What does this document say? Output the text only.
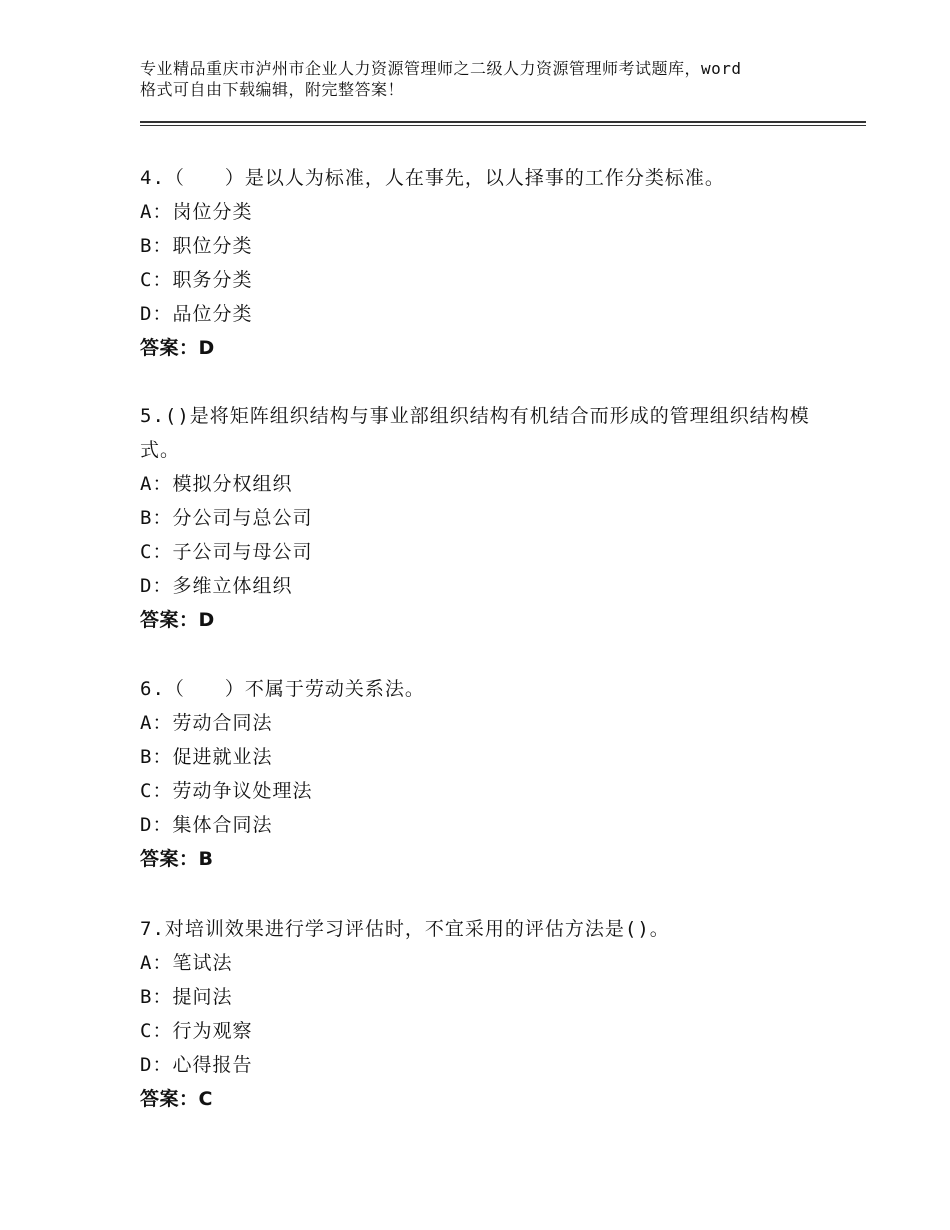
专业精品重庆市泸州市企业人力资源管理师之二级人力资源管理师考试题库，word
格式可自由下载编辑，附完整答案！
4.（　　）是以人为标准，人在事先，以人择事的工作分类标准。
A：岗位分类
B：职位分类
C：职务分类
D：品位分类
答案：D
5.()是将矩阵组织结构与事业部组织结构有机结合而形成的管理组织结构模式。
A：模拟分权组织
B：分公司与总公司
C：子公司与母公司
D：多维立体组织
答案：D
6.（　　）不属于劳动关系法。
A：劳动合同法
B：促进就业法
C：劳动争议处理法
D：集体合同法
答案：B
7.对培训效果进行学习评估时，不宜采用的评估方法是()。
A：笔试法
B：提问法
C：行为观察
D：心得报告
答案：C
